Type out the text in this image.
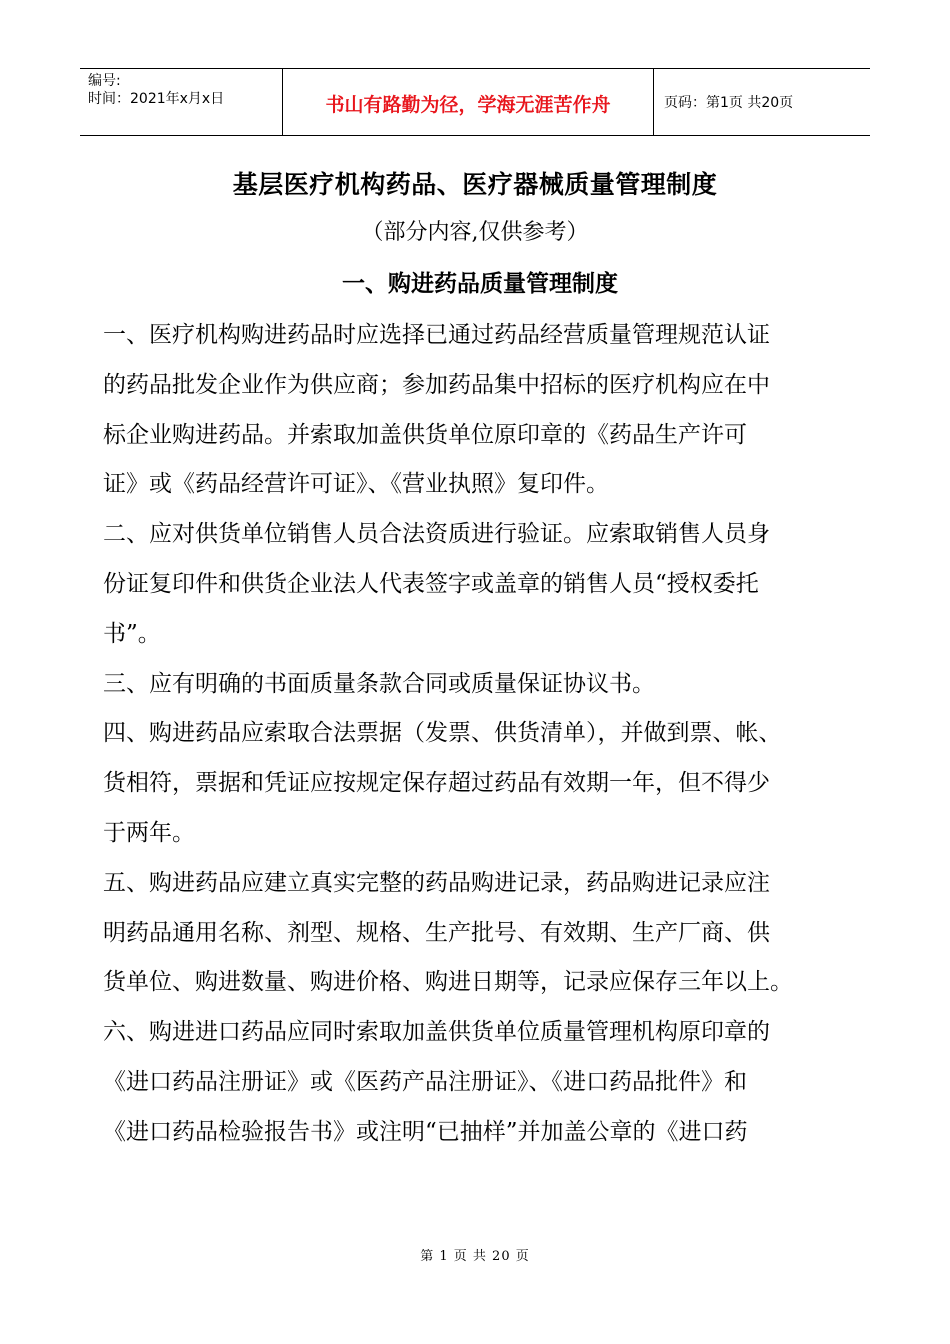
编号:
时间：2021年x月x日	书山有路勤为径，学海无涯苦作舟	页码：第1页 共20页
基层医疗机构药品、医疗器械质量管理制度
（部分内容,仅供参考）
一、购进药品质量管理制度
一、医疗机构购进药品时应选择已通过药品经营质量管理规范认证
的药品批发企业作为供应商；参加药品集中招标的医疗机构应在中
标企业购进药品。并索取加盖供货单位原印章的《药品生产许可
证》或《药品经营许可证》、《营业执照》复印件。
二、应对供货单位销售人员合法资质进行验证。应索取销售人员身
份证复印件和供货企业法人代表签字或盖章的销售人员“授权委托
书”。
三、应有明确的书面质量条款合同或质量保证协议书。
四、购进药品应索取合法票据（发票、供货清单），并做到票、帐、
货相符，票据和凭证应按规定保存超过药品有效期一年，但不得少
于两年。
五、购进药品应建立真实完整的药品购进记录，药品购进记录应注
明药品通用名称、剂型、规格、生产批号、有效期、生产厂商、供
货单位、购进数量、购进价格、购进日期等，记录应保存三年以上。
六、购进进口药品应同时索取加盖供货单位质量管理机构原印章的
《进口药品注册证》或《医药产品注册证》、《进口药品批件》和
《进口药品检验报告书》或注明“已抽样”并加盖公章的《进口药
第 1 页 共 20 页
